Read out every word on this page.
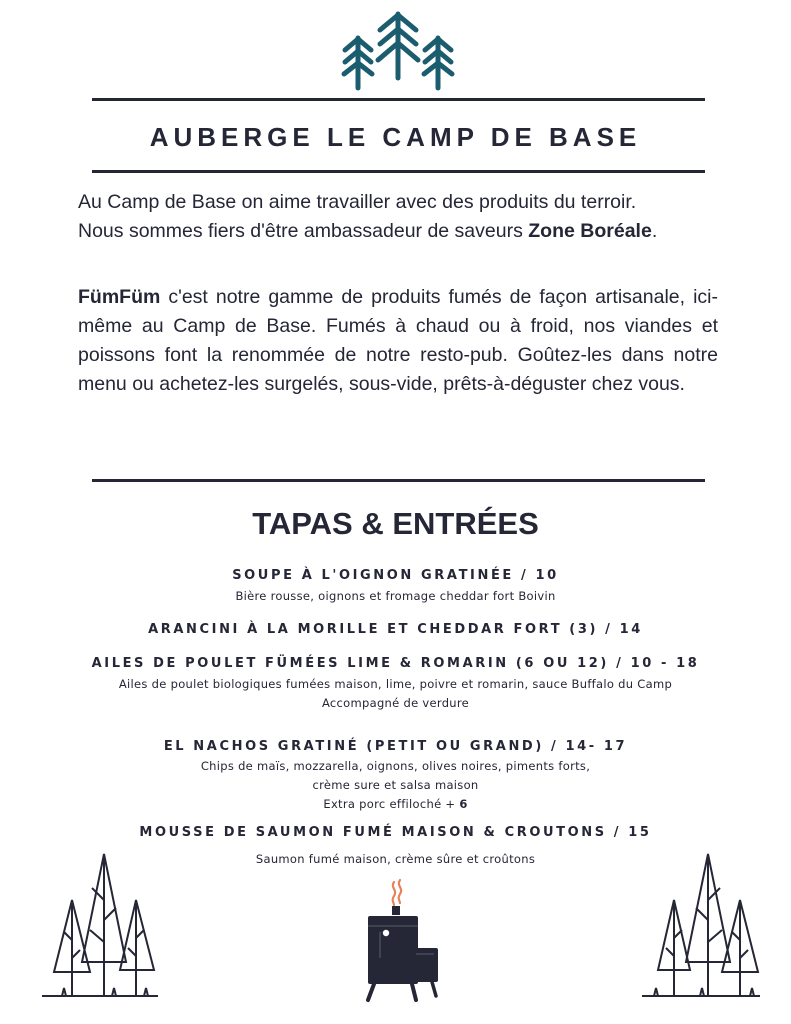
AUBERGE LE CAMP DE BASE
Au Camp de Base on aime travailler avec des produits du terroir.
Nous sommes fiers d'être ambassadeur de saveurs Zone Boréale.
FümFüm c'est notre gamme de produits fumés de façon artisanale, ici-même au Camp de Base. Fumés à chaud ou à froid, nos viandes et poissons font la renommée de notre resto-pub. Goûtez-les dans notre menu ou achetez-les surgelés, sous-vide, prêts-à-déguster chez vous.
TAPAS & ENTRÉES
SOUPE À L'OIGNON GRATINÉE / 10
Bière rousse, oignons et fromage cheddar fort Boivin
ARANCINI À LA MORILLE ET CHEDDAR FORT (3) / 14
AILES DE POULET FÜMÉES LIME & ROMARIN (6 OU 12) / 10 - 18
Ailes de poulet biologiques fumées maison, lime, poivre et romarin, sauce Buffalo du Camp
Accompagné de verdure
EL NACHOS GRATINÉ (PETIT OU GRAND) / 14- 17
Chips de maïs, mozzarella, oignons, olives noires, piments forts,
crème sure et salsa maison
Extra porc effiloché + 6
MOUSSE DE SAUMON FUMÉ MAISON & CROUTONS / 15
Saumon fumé maison, crème sûre et croûtons
